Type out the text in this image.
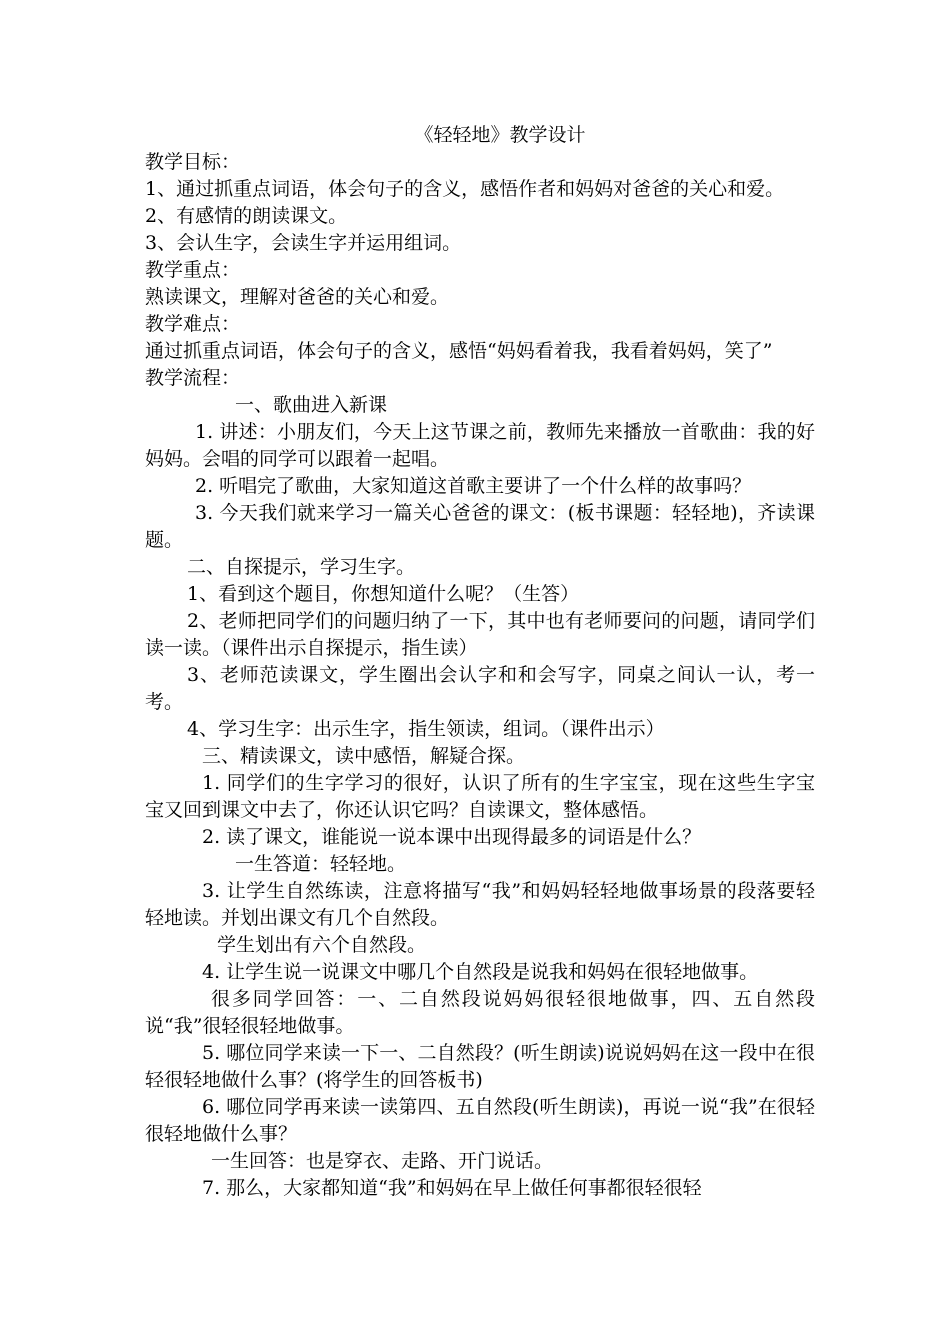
《轻轻地》教学设计

教学目标：

1、通过抓重点词语，体会句子的含义，感悟作者和妈妈对爸爸的关心和爱。

2、有感情的朗读课文。

3、会认生字，会读生字并运用组词。

教学重点：

熟读课文，理解对爸爸的关心和爱。

教学难点：

通过抓重点词语，体会句子的含义，感悟“妈妈看着我，我看着妈妈，笑了”

教学流程：

一、歌曲进入新课

1. 讲述：小朋友们，今天上这节课之前，教师先来播放一首歌曲：我的好妈妈。会唱的同学可以跟着一起唱。

2. 听唱完了歌曲，大家知道这首歌主要讲了一个什么样的故事吗？

3. 今天我们就来学习一篇关心爸爸的课文：(板书课题：轻轻地)，齐读课题。

二、自探提示，学习生字。

1、看到这个题目，你想知道什么呢？（生答）

2、老师把同学们的问题归纳了一下，其中也有老师要问的问题，请同学们读一读。（课件出示自探提示，指生读）

3、老师范读课文，学生圈出会认字和和会写字，同桌之间认一认，考一考。

4、学习生字：出示生字，指生领读，组词。（课件出示）

三、精读课文，读中感悟，解疑合探。

1. 同学们的生字学习的很好，认识了所有的生字宝宝，现在这些生字宝宝又回到课文中去了，你还认识它吗？自读课文，整体感悟。

2. 读了课文，谁能说一说本课中出现得最多的词语是什么？

一生答道：轻轻地。

3. 让学生自然练读，注意将描写“我”和妈妈轻轻地做事场景的段落要轻轻地读。并划出课文有几个自然段。

学生划出有六个自然段。

4. 让学生说一说课文中哪几个自然段是说我和妈妈在很轻地做事。

很多同学回答：一、二自然段说妈妈很轻很地做事，四、五自然段说“我”很轻很轻地做事。

5. 哪位同学来读一下一、二自然段？(听生朗读)说说妈妈在这一段中在很轻很轻地做什么事？(将学生的回答板书)

6. 哪位同学再来读一读第四、五自然段(听生朗读)，再说一说“我”在很轻很轻地做什么事？

一生回答：也是穿衣、走路、开门说话。

7. 那么，大家都知道“我”和妈妈在早上做任何事都很轻很轻
